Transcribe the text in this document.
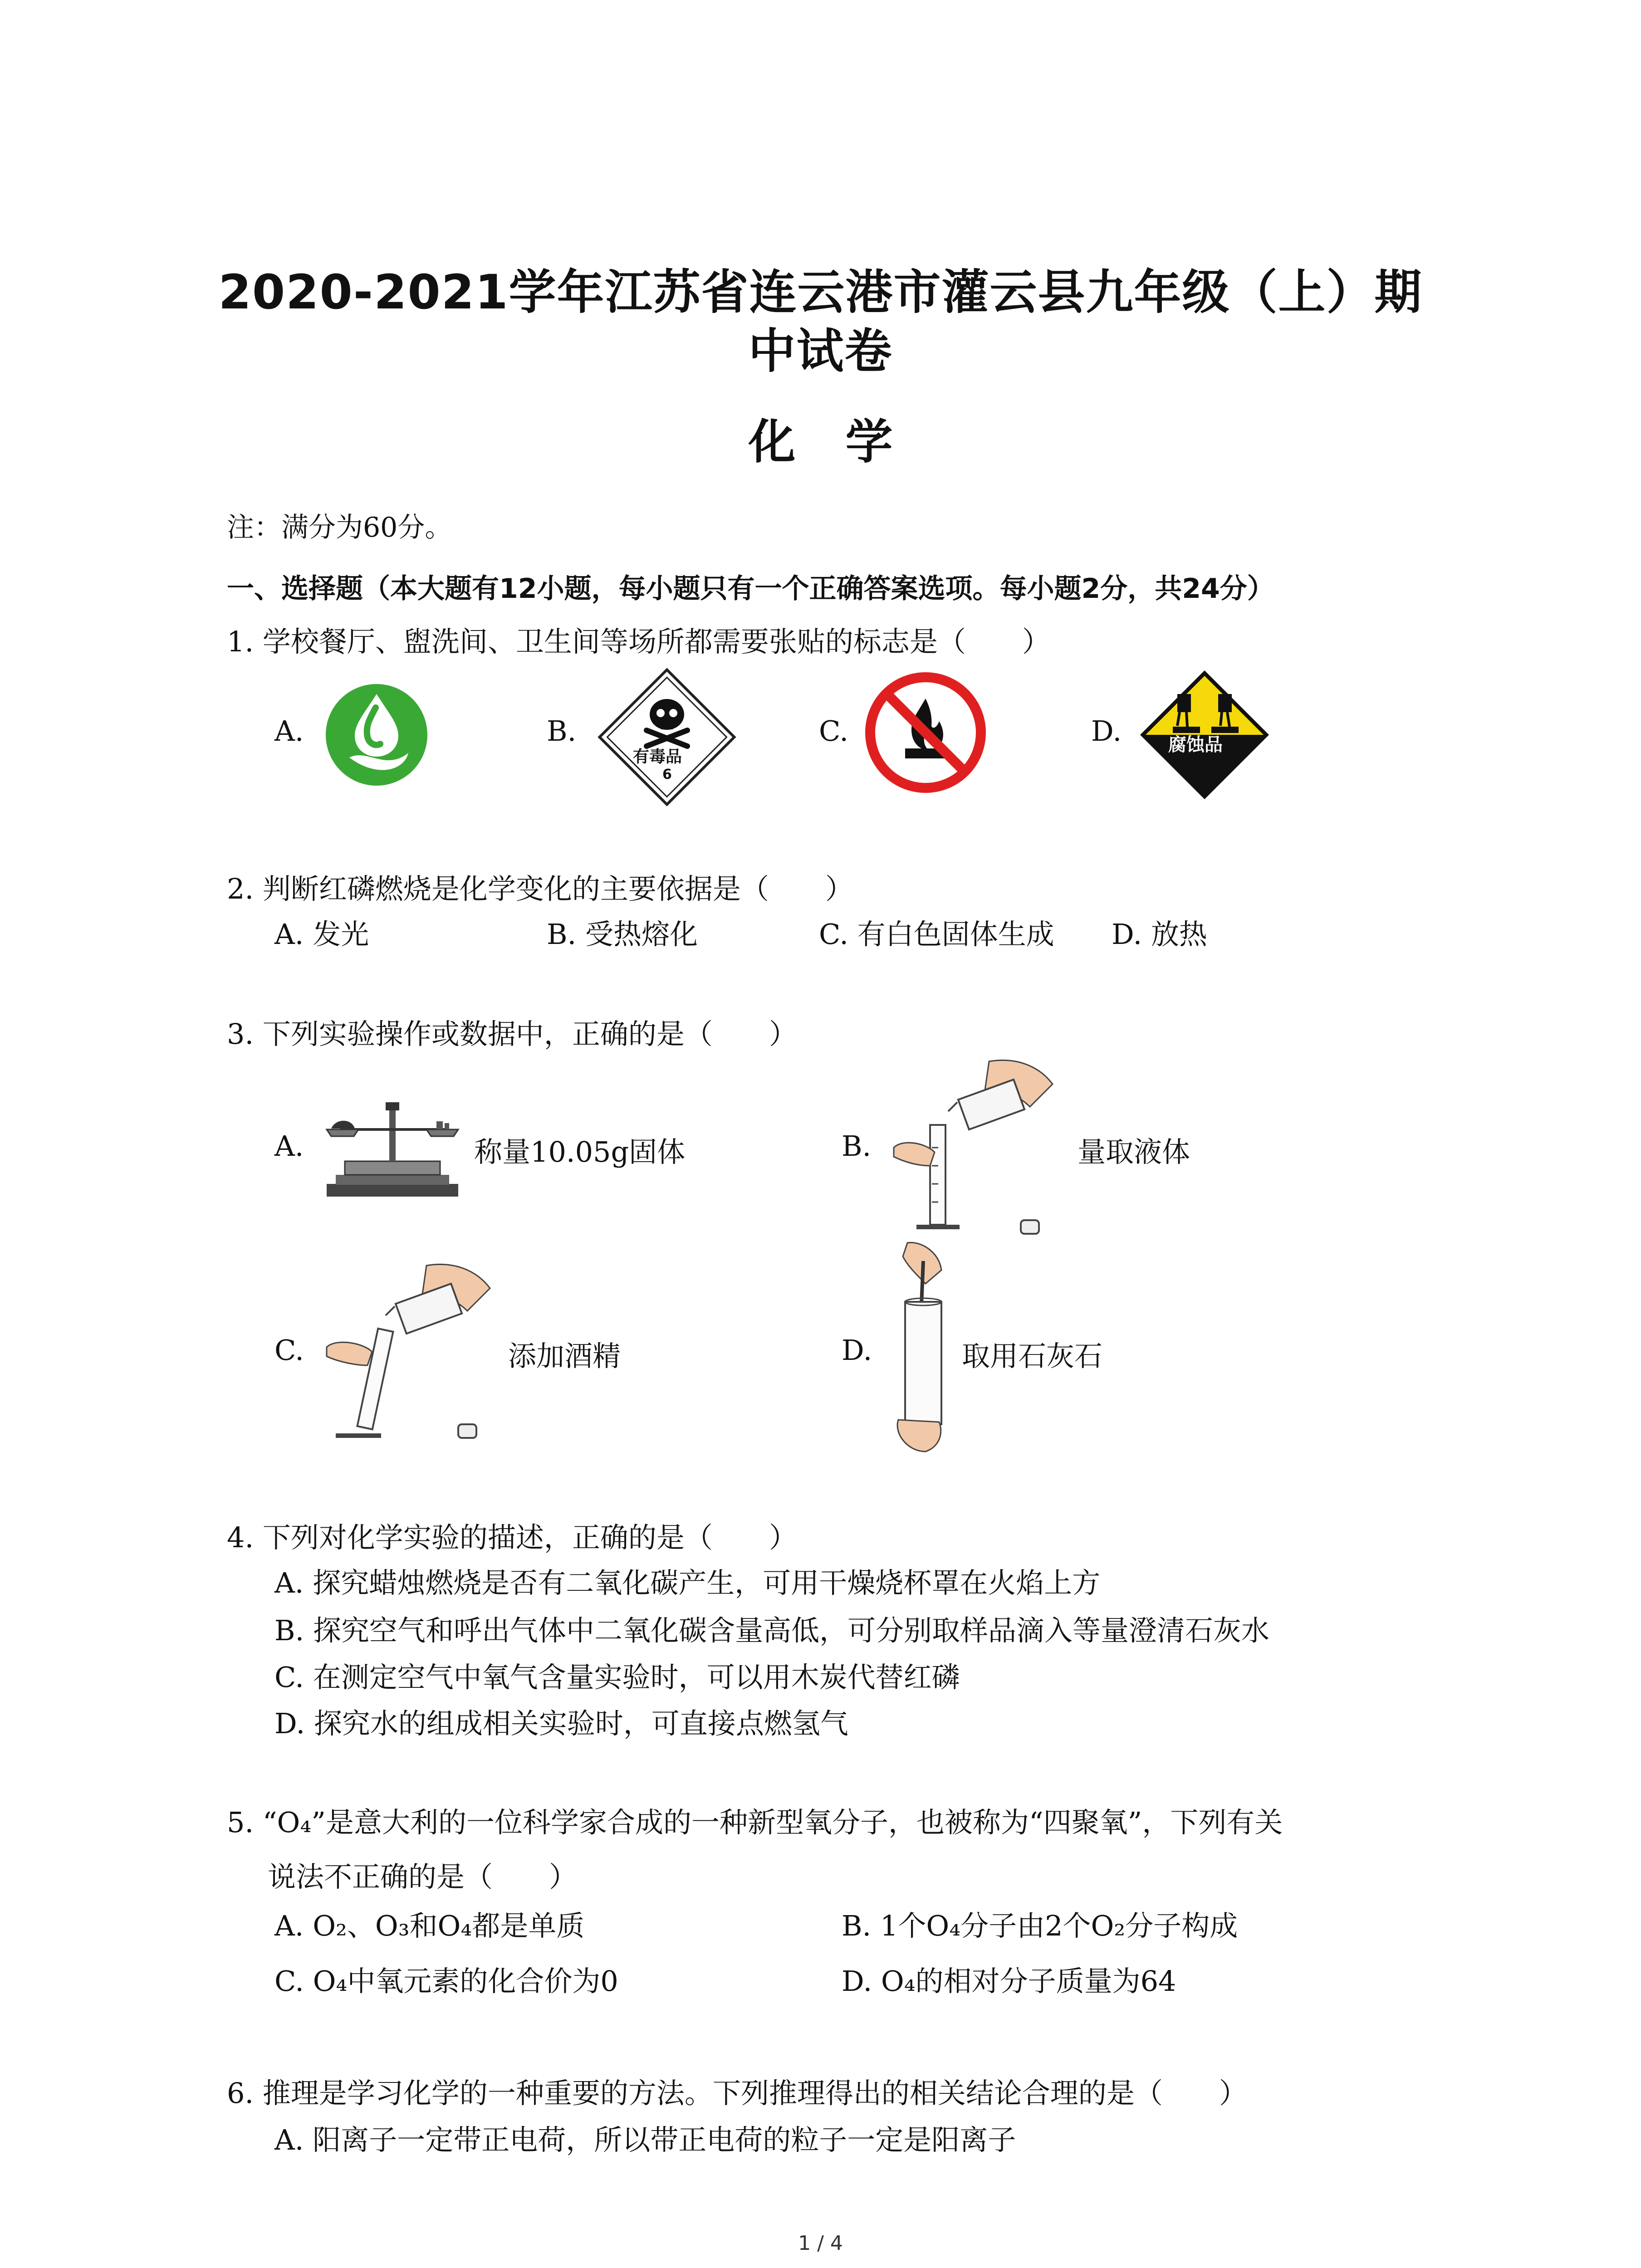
2020-2021学年江苏省连云港市灌云县九年级（上）期
中试卷
化学
注：满分为60分。
一、选择题（本大题有12小题，每小题只有一个正确答案选项。每小题2分，共24分）
1. 学校餐厅、盥洗间、卫生间等场所都需要张贴的标志是（　　）
A.	B.	C.	D.
有毒品
6
腐蚀品
2. 判断红磷燃烧是化学变化的主要依据是（　　）
A. 发光	B. 受热熔化	C. 有白色固体生成 D. 放热
3. 下列实验操作或数据中，正确的是（　　）
A.	称量10.05g固体	B.	量取液体
C.	添加酒精	D.	取用石灰石
4. 下列对化学实验的描述，正确的是（　　）
A. 探究蜡烛燃烧是否有二氧化碳产生，可用干燥烧杯罩在火焰上方
B. 探究空气和呼出气体中二氧化碳含量高低，可分别取样品滴入等量澄清石灰水
C. 在测定空气中氧气含量实验时，可以用木炭代替红磷
D. 探究水的组成相关实验时，可直接点燃氢气
5. “O₄”是意大利的一位科学家合成的一种新型氧分子，也被称为“四聚氧”，下列有关
说法不正确的是（　　）
A. O₂、O₃和O₄都是单质	B. 1个O₄分子由2个O₂分子构成
C. O₄中氧元素的化合价为0	D. O₄的相对分子质量为64
6. 推理是学习化学的一种重要的方法。下列推理得出的相关结论合理的是（　　）
A. 阳离子一定带正电荷，所以带正电荷的粒子一定是阳离子
1 / 4
